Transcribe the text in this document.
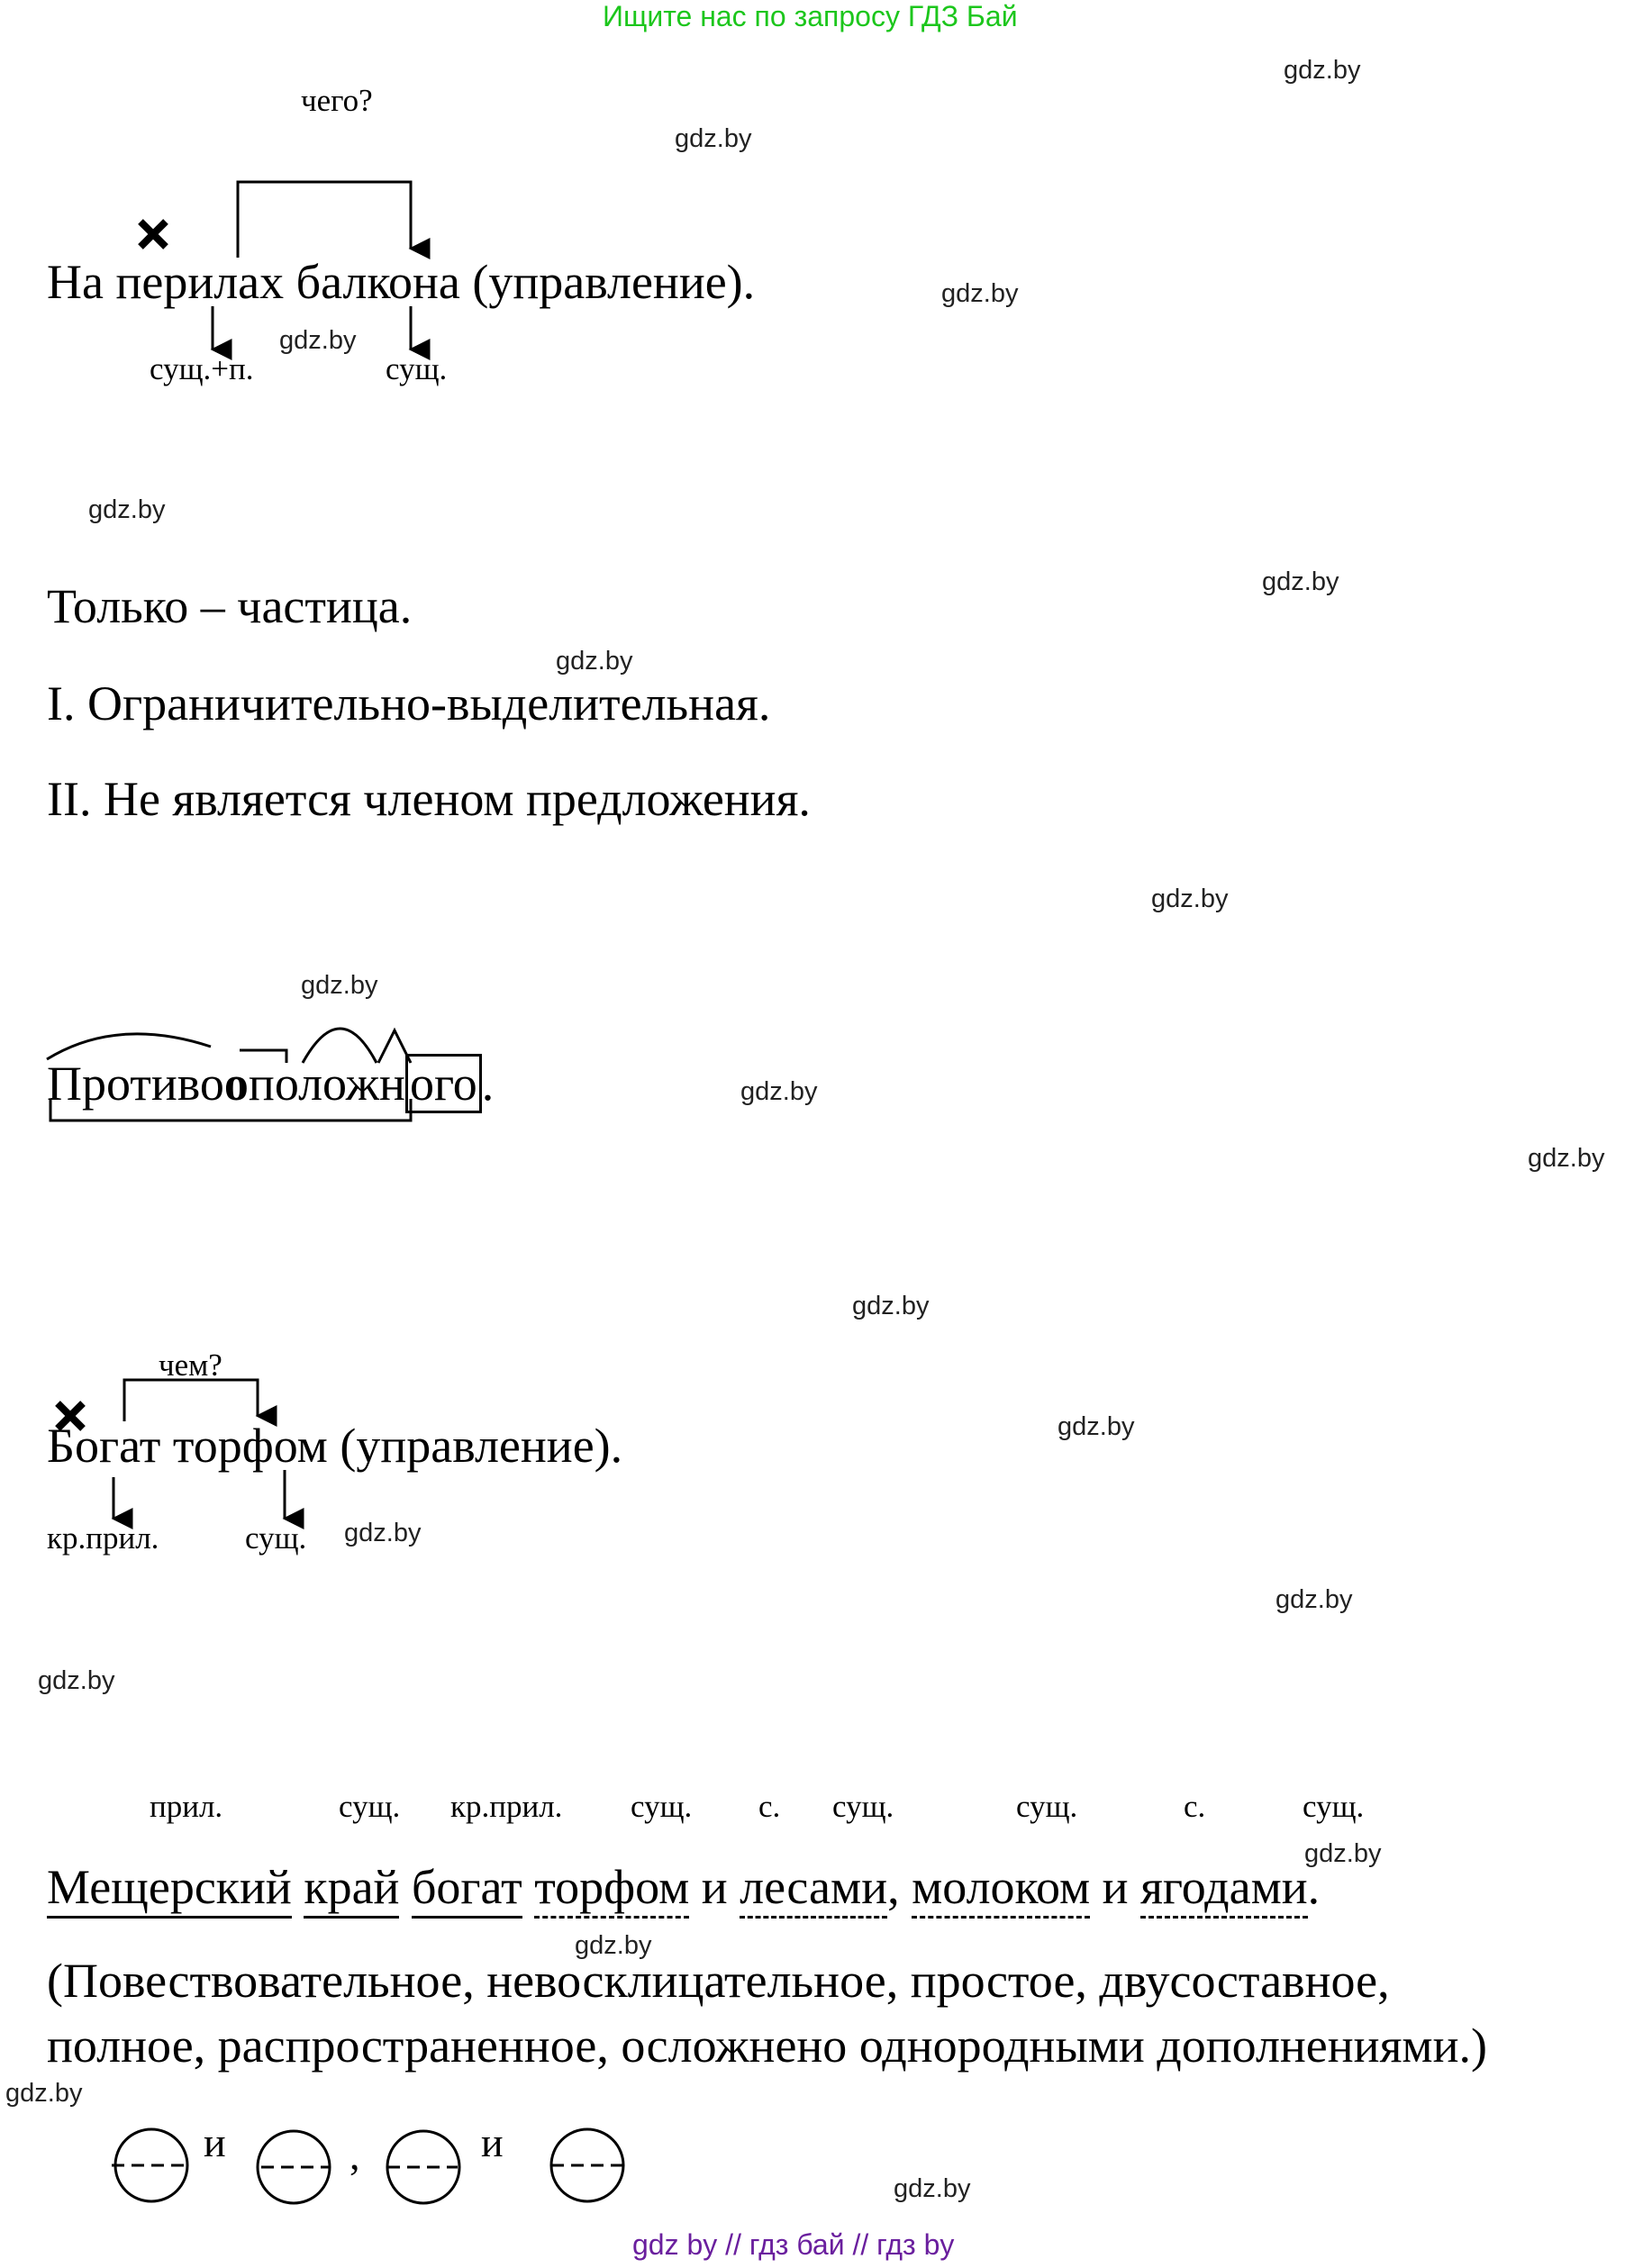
Ищите нас по запросу ГДЗ Бай
gdz.by
gdz.by
gdz.by
gdz.by
gdz.by
gdz.by
gdz.by
gdz.by
gdz.by
gdz.by
gdz.by
gdz.by
gdz.by
gdz.by
gdz.by
gdz.by
gdz.by
gdz.by
gdz.by
gdz.by
чего?
На перилах балкона (управление).
сущ.+п.	сущ.
Только – частица.
I. Ограничительно-выделительная.
II. Не является членом предложения.
Противооположного.
чем?
Богат торфом (управление).
кр.прил.	сущ.
прил.	сущ. кр.прил. сущ. с. сущ.	сущ.	с.	сущ.
Мещерский край богат торфом и лесами, молоком и ягодами.
(Повествовательное, невосклицательное, простое, двусоставное,
полное, распространенное, осложнено однородными дополнениями.)
и	,	и
gdz by // гдз бай // гдз by
